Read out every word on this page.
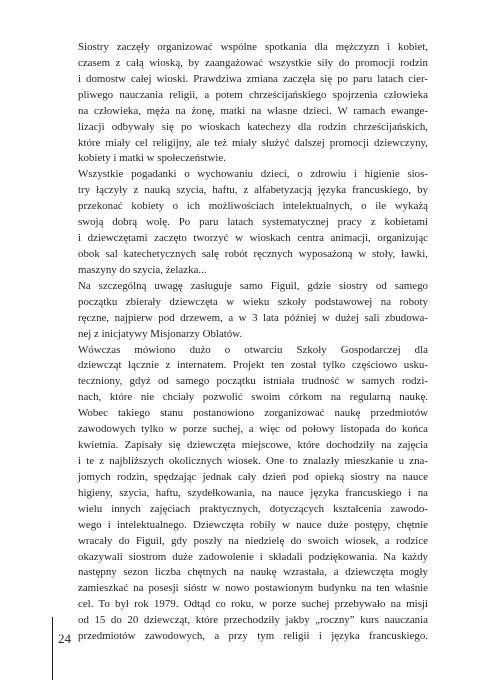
Siostry zaczęły organizować wspólne spotkania dla mężczyzn i kobiet,
czasem z całą wioską, by zaangażować wszystkie siły do promocji rodzin
i domostw całej wioski. Prawdziwa zmiana zaczęła się po paru latach cier-
pliwego nauczania religii, a potem chrześcijańskiego spojrzenia człowieka
na człowieka, męża na żonę, matki na własne dzieci. W ramach ewange-
lizacji odbywały się po wioskach katechezy dla rodzin chrześcijańskich,
które miały cel religijny, ale też miały służyć dalszej promocji dziewczyny,
kobiety i matki w społeczeństwie.

Wszystkie pogadanki o wychowaniu dzieci, o zdrowiu i higienie sios-
try łączyły z nauką szycia, haftu, z alfabetyzacją języka francuskiego, by
przekonać kobiety o ich możliwościach intelektualnych, o ile wykażą
swoją dobrą wolę. Po paru latach systematycznej pracy z kobietami
i dziewczętami zaczęto tworzyć w wioskach centra animacji, organizując
obok sal katechetycznych salę robót ręcznych wyposażoną w stoły, ławki,
maszyny do szycia, żelazka...

Na szczególną uwagę zasługuje samo Figuil, gdzie siostry od samego
początku zbierały dziewczęta w wieku szkoły podstawowej na roboty
ręczne, najpierw pod drzewem, a w 3 lata później w dużej sali zbudowa-
nej z inicjatywy Misjonarzy Oblatów.

Wówczas mówiono dużo o otwarciu Szkoły Gospodarczej dla
dziewcząt łącznie z internatem. Projekt ten został tylko częściowo usku-
teczniony, gdyż od samego początku istniała trudność w samych rodzi-
nach, które nie chciały pozwolić swoim córkom na regularną naukę.
Wobec takiego stanu postanowiono zorganizować naukę przedmiotów
zawodowych tylko w porze suchej, a więc od połowy listopada do końca
kwietnia. Zapisały się dziewczęta miejscowe, które dochodziły na zajęcia
i te z najbliższych okolicznych wiosek. One to znalazły mieszkanie u zna-
jomych rodzin, spędzając jednak cały dzień pod opieką siostry na nauce
higieny, szycia, haftu, szydełkowania, na nauce języka francuskiego i na
wielu innych zajęciach praktycznych, dotyczących kształcenia zawodo-
wego i intelektualnego. Dziewczęta robiły w nauce duże postępy, chętnie
wracały do Figuil, gdy poszły na niedzielę do swoich wiosek, a rodzice
okazywali siostrom duże zadowolenie i składali podziękowania. Na każdy
następny sezon liczba chętnych na naukę wzrastała, a dziewczęta mogły
zamieszkać na posesji sióstr w nowo postawionym budynku na ten właśnie
cel. To był rok 1979. Odtąd co roku, w porze suchej przebywało na misji
od 15 do 20 dziewcząt, które przechodziły jakby „roczny” kurs nauczania
przedmiotów zawodowych, a przy tym religii i języka francuskiego.

24
